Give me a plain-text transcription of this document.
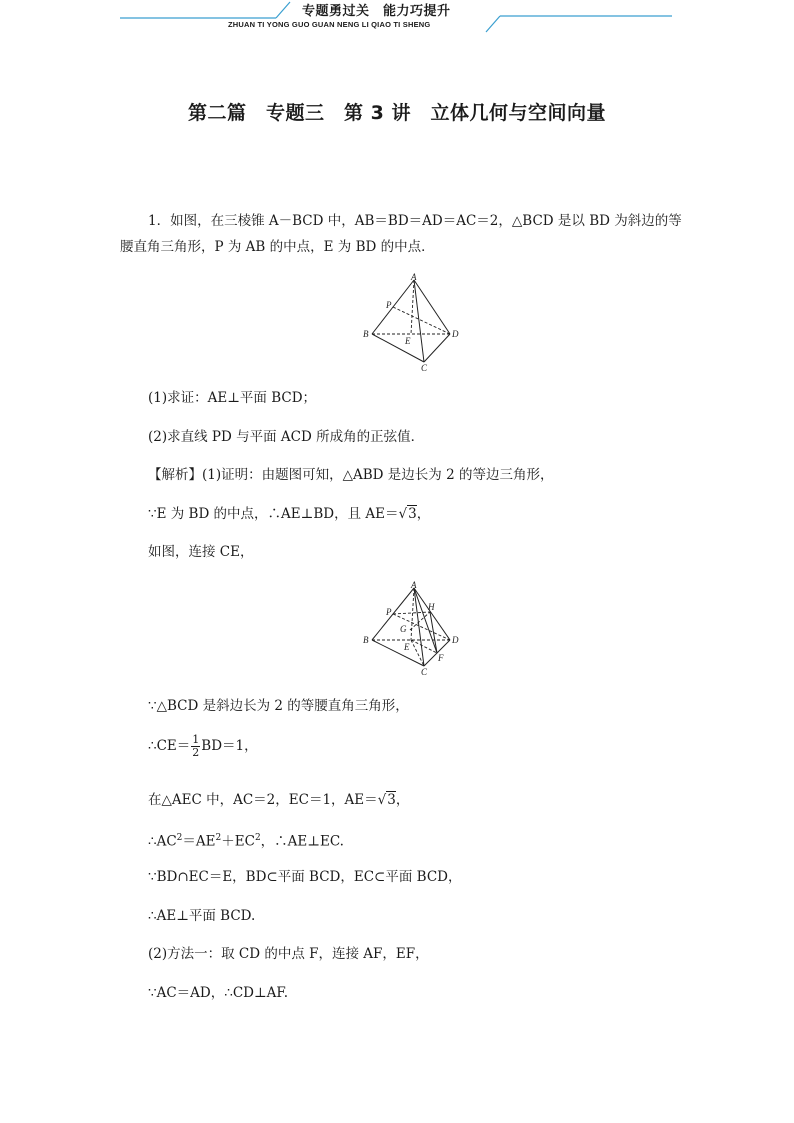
第二篇　专题三　第 3 讲　立体几何与空间向量
专题勇过关　能力巧提升
ZHUAN TI YONG GUO GUAN NENG LI QIAO TI SHENG
1．如图，在三棱锥 A－BCD 中，AB＝BD＝AD＝AC＝2，△BCD 是以 BD 为斜边的等
腰直角三角形，P 为 AB 的中点，E 为 BD 的中点．
A
P
B
E
D
C
(1)求证：AE⊥平面 BCD；
(2)求直线 PD 与平面 ACD 所成角的正弦值．
【解析】(1)证明：由题图可知，△ABD 是边长为 2 的等边三角形，
∵E 为 BD 的中点，∴AE⊥BD，且 AE＝√3，
如图，连接 CE，
A
P	H
G
B
E
D
F
C
∵△BCD 是斜边长为 2 的等腰直角三角形，
∴CE＝ $\frac{1}{2} BD=1$，
在△AEC 中，AC＝2，EC＝1，AE＝√3，
$\therefore AC^2=AE^2+EC^2$，∴AE⊥EC.
∵BD∩EC＝E，BD⊂平面 BCD，EC⊂平面 BCD，
∴AE⊥平面 BCD.
(2)方法一：取 CD 的中点 F，连接 AF，EF，
∵AC＝AD，∴CD⊥AF.
